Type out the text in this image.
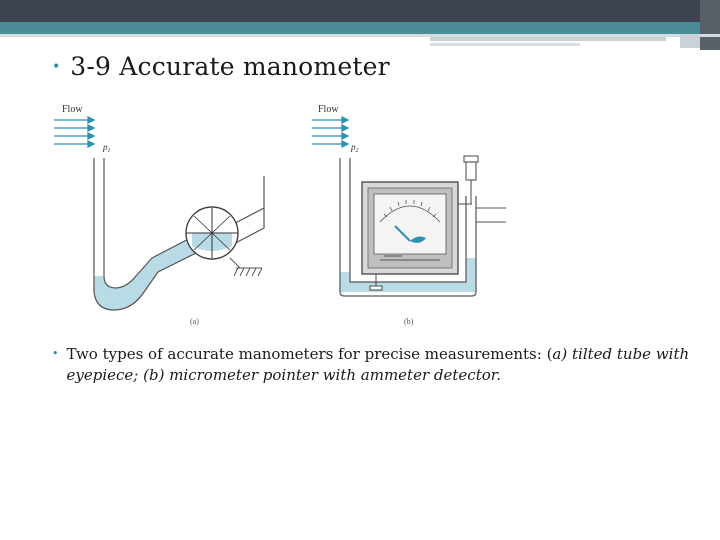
• 3-9 Accurate manometer
Flow
$p_1$
(a)
Flow
$p_2$
(b)
• Two types of accurate manometers for precise measurements: (a) tilted tube with eyepiece; (b) micrometer pointer with ammeter detector.
